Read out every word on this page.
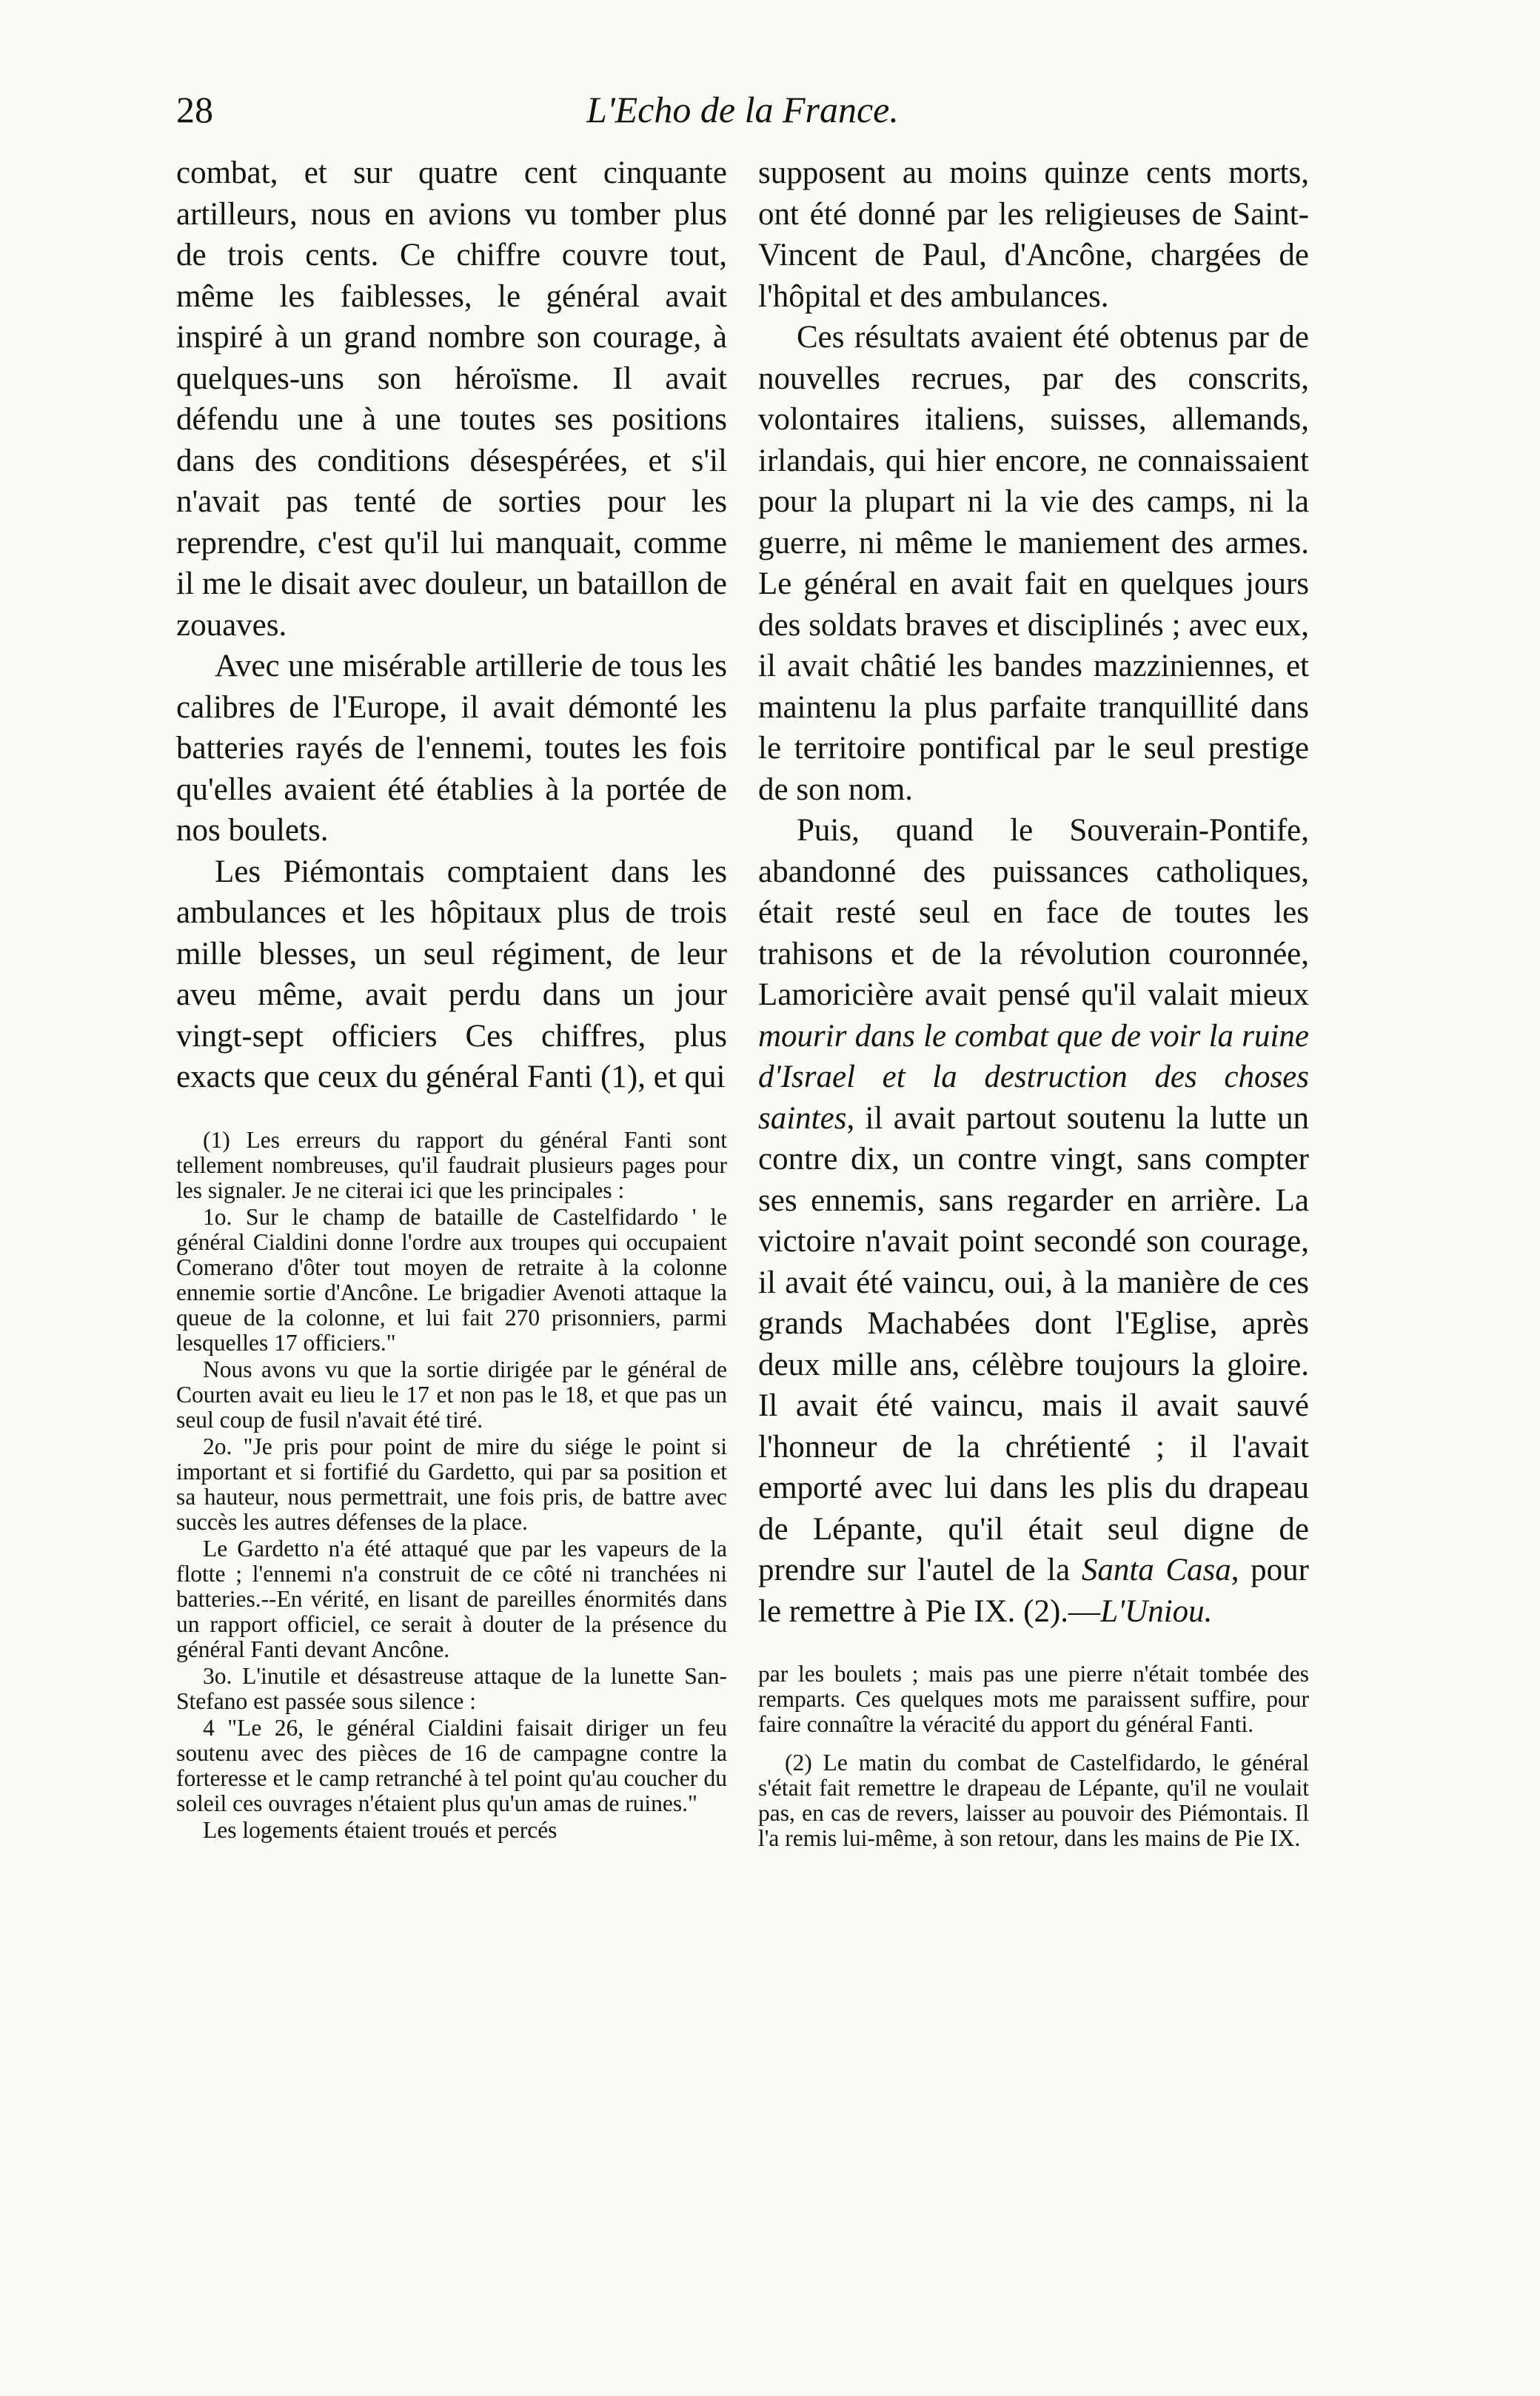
28	L'Echo de la France.

combat, et sur quatre cent cinquante artilleurs, nous en avions vu tomber plus de trois cents. Ce chiffre couvre tout, même les faiblesses, le général avait inspiré à un grand nombre son courage, à quelques-uns son héroïsme. Il avait défendu une à une toutes ses positions dans des conditions désespérées, et s'il n'avait pas tenté de sorties pour les reprendre, c'est qu'il lui manquait, comme il me le disait avec douleur, un bataillon de zouaves.

Avec une misérable artillerie de tous les calibres de l'Europe, il avait démonté les batteries rayés de l'ennemi, toutes les fois qu'elles avaient été établies à la portée de nos boulets.

Les Piémontais comptaient dans les ambulances et les hôpitaux plus de trois mille blesses, un seul régiment, de leur aveu même, avait perdu dans un jour vingt-sept officiers Ces chiffres, plus exacts que ceux du général Fanti (1), et qui

(1) Les erreurs du rapport du général Fanti sont tellement nombreuses, qu'il faudrait plusieurs pages pour les signaler. Je ne citerai ici que les principales :

1o. Sur le champ de bataille de Castelfidardo ' le général Cialdini donne l'ordre aux troupes qui occupaient Comerano d'ôter tout moyen de retraite à la colonne ennemie sortie d'Ancône. Le brigadier Avenoti attaque la queue de la colonne, et lui fait 270 prisonniers, parmi lesquelles 17 officiers."

Nous avons vu que la sortie dirigée par le général de Courten avait eu lieu le 17 et non pas le 18, et que pas un seul coup de fusil n'avait été tiré.

2o. "Je pris pour point de mire du siége le point si important et si fortifié du Gardetto, qui par sa position et sa hauteur, nous permettrait, une fois pris, de battre avec succès les autres défenses de la place.

Le Gardetto n'a été attaqué que par les vapeurs de la flotte ; l'ennemi n'a construit de ce côté ni tranchées ni batteries.--En vérité, en lisant de pareilles énormités dans un rapport officiel, ce serait à douter de la présence du général Fanti devant Ancône.

3o. L'inutile et désastreuse attaque de la lunette San-Stefano est passée sous silence :

4 "Le 26, le général Cialdini faisait diriger un feu soutenu avec des pièces de 16 de campagne contre la forteresse et le camp retranché à tel point qu'au coucher du soleil ces ouvrages n'étaient plus qu'un amas de ruines."

Les logements étaient troués et percés

supposent au moins quinze cents morts, ont été donné par les religieuses de Saint-Vincent de Paul, d'Ancône, chargées de l'hôpital et des ambulances.

Ces résultats avaient été obtenus par de nouvelles recrues, par des conscrits, volontaires italiens, suisses, allemands, irlandais, qui hier encore, ne connaissaient pour la plupart ni la vie des camps, ni la guerre, ni même le maniement des armes. Le général en avait fait en quelques jours des soldats braves et disciplinés ; avec eux, il avait châtié les bandes mazziniennes, et maintenu la plus parfaite tranquillité dans le territoire pontifical par le seul prestige de son nom.

Puis, quand le Souverain-Pontife, abandonné des puissances catholiques, était resté seul en face de toutes les trahisons et de la révolution couronnée, Lamoricière avait pensé qu'il valait mieux mourir dans le combat que de voir la ruine d'Israel et la destruction des choses saintes, il avait partout soutenu la lutte un contre dix, un contre vingt, sans compter ses ennemis, sans regarder en arrière. La victoire n'avait point secondé son courage, il avait été vaincu, oui, à la manière de ces grands Machabées dont l'Eglise, après deux mille ans, célèbre toujours la gloire. Il avait été vaincu, mais il avait sauvé l'honneur de la chrétienté ; il l'avait emporté avec lui dans les plis du drapeau de Lépante, qu'il était seul digne de prendre sur l'autel de la Santa Casa, pour le remettre à Pie IX. (2).—L'Uniou.

par les boulets ; mais pas une pierre n'était tombée des remparts. Ces quelques mots me paraissent suffire, pour faire connaître la véracité du apport du général Fanti.

(2) Le matin du combat de Castelfidardo, le général s'était fait remettre le drapeau de Lépante, qu'il ne voulait pas, en cas de revers, laisser au pouvoir des Piémontais. Il l'a remis lui-même, à son retour, dans les mains de Pie IX.
